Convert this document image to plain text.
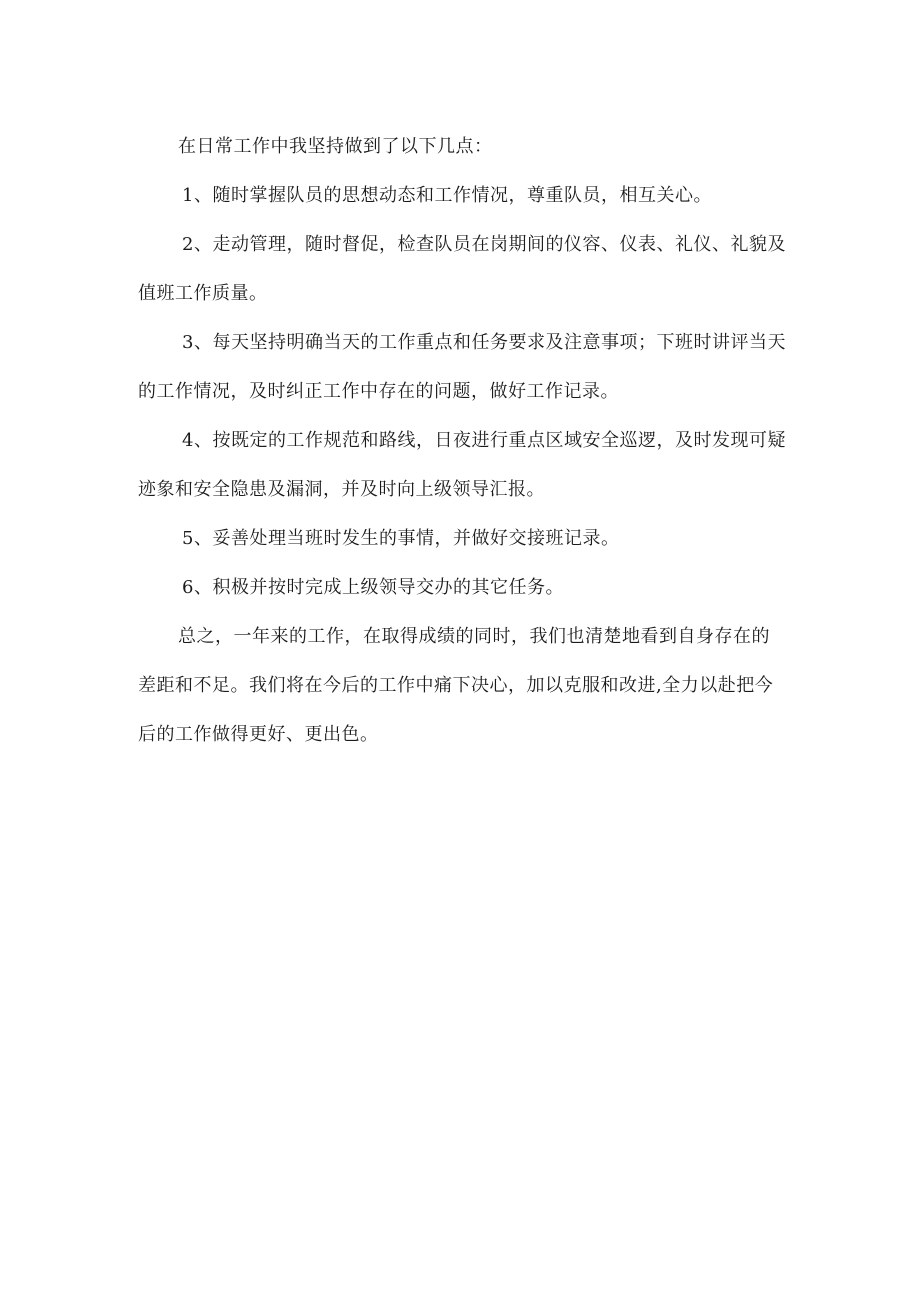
在日常工作中我坚持做到了以下几点：

1、随时掌握队员的思想动态和工作情况，尊重队员，相互关心。

2、走动管理，随时督促，检查队员在岗期间的仪容、仪表、礼仪、礼貌及值班工作质量。

3、每天坚持明确当天的工作重点和任务要求及注意事项；下班时讲评当天的工作情况，及时纠正工作中存在的问题，做好工作记录。

4、按既定的工作规范和路线，日夜进行重点区域安全巡逻，及时发现可疑迹象和安全隐患及漏洞，并及时向上级领导汇报。

5、妥善处理当班时发生的事情，并做好交接班记录。

6、积极并按时完成上级领导交办的其它任务。

总之，一年来的工作，在取得成绩的同时，我们也清楚地看到自身存在的差距和不足。我们将在今后的工作中痛下决心，加以克服和改进,全力以赴把今后的工作做得更好、更出色。
